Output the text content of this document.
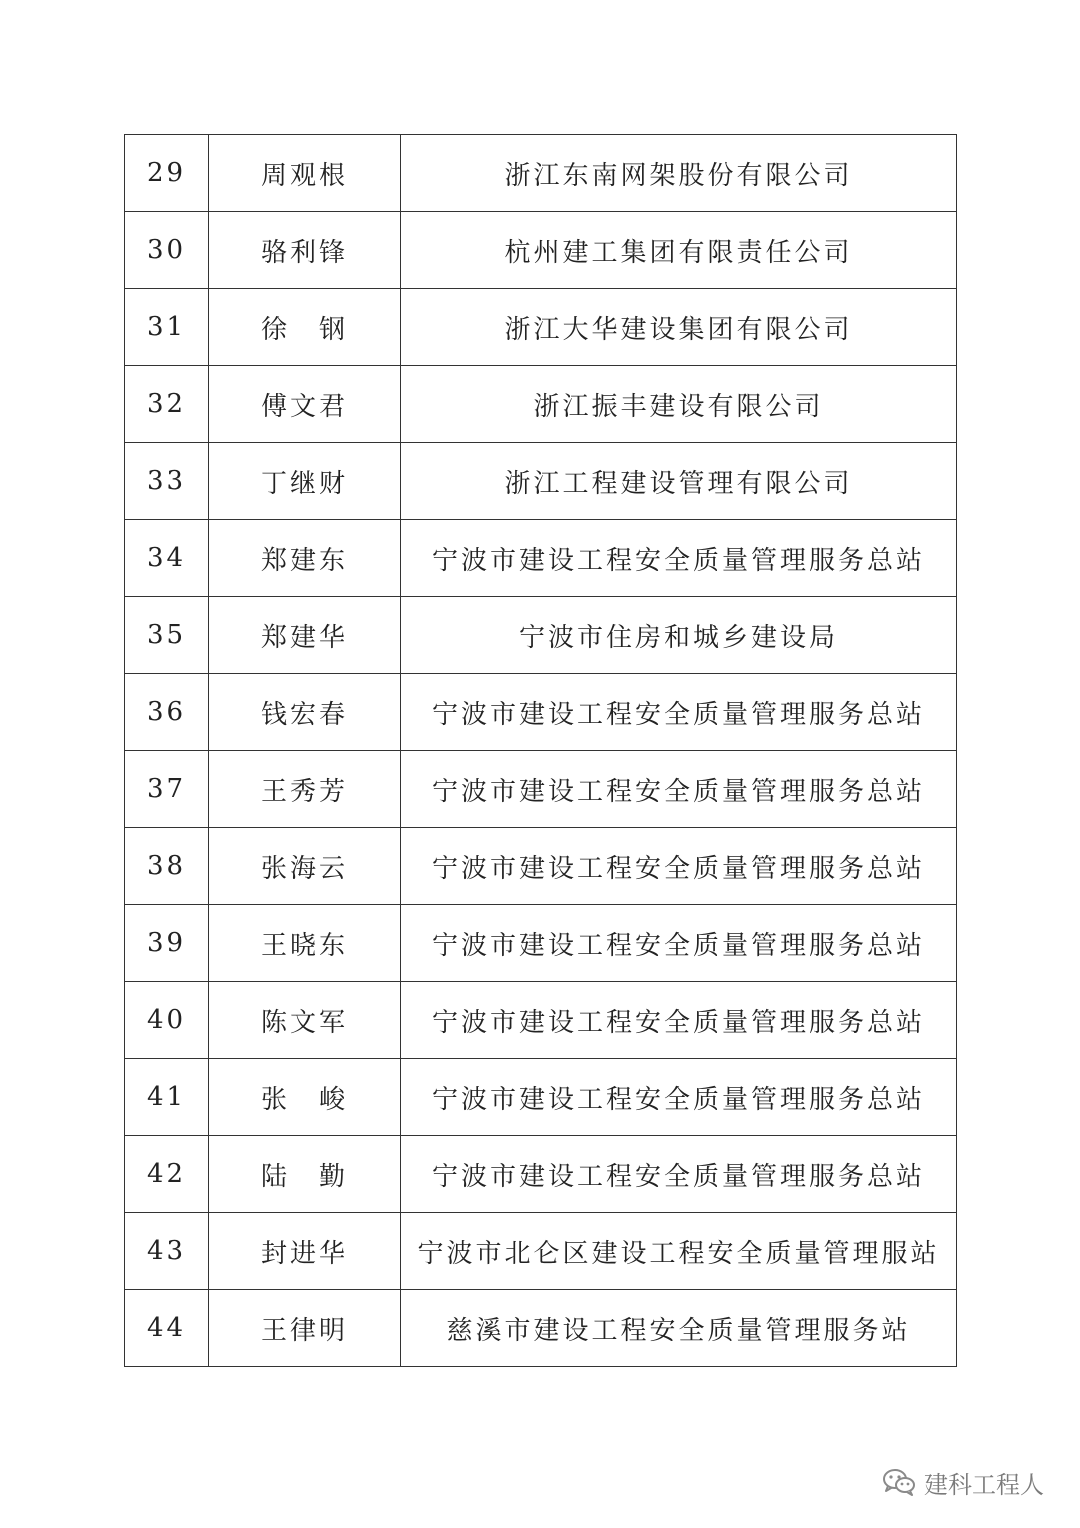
29	周观根	浙江东南网架股份有限公司
30	骆利锋	杭州建工集团有限责任公司
31	徐　钢	浙江大华建设集团有限公司
32	傅文君	浙江振丰建设有限公司
33	丁继财	浙江工程建设管理有限公司
34	郑建东	宁波市建设工程安全质量管理服务总站
35	郑建华	宁波市住房和城乡建设局
36	钱宏春	宁波市建设工程安全质量管理服务总站
37	王秀芳	宁波市建设工程安全质量管理服务总站
38	张海云	宁波市建设工程安全质量管理服务总站
39	王晓东	宁波市建设工程安全质量管理服务总站
40	陈文军	宁波市建设工程安全质量管理服务总站
41	张　峻	宁波市建设工程安全质量管理服务总站
42	陆　勤	宁波市建设工程安全质量管理服务总站
43	封进华	宁波市北仑区建设工程安全质量管理服站
44	王律明	慈溪市建设工程安全质量管理服务站
建科工程人
